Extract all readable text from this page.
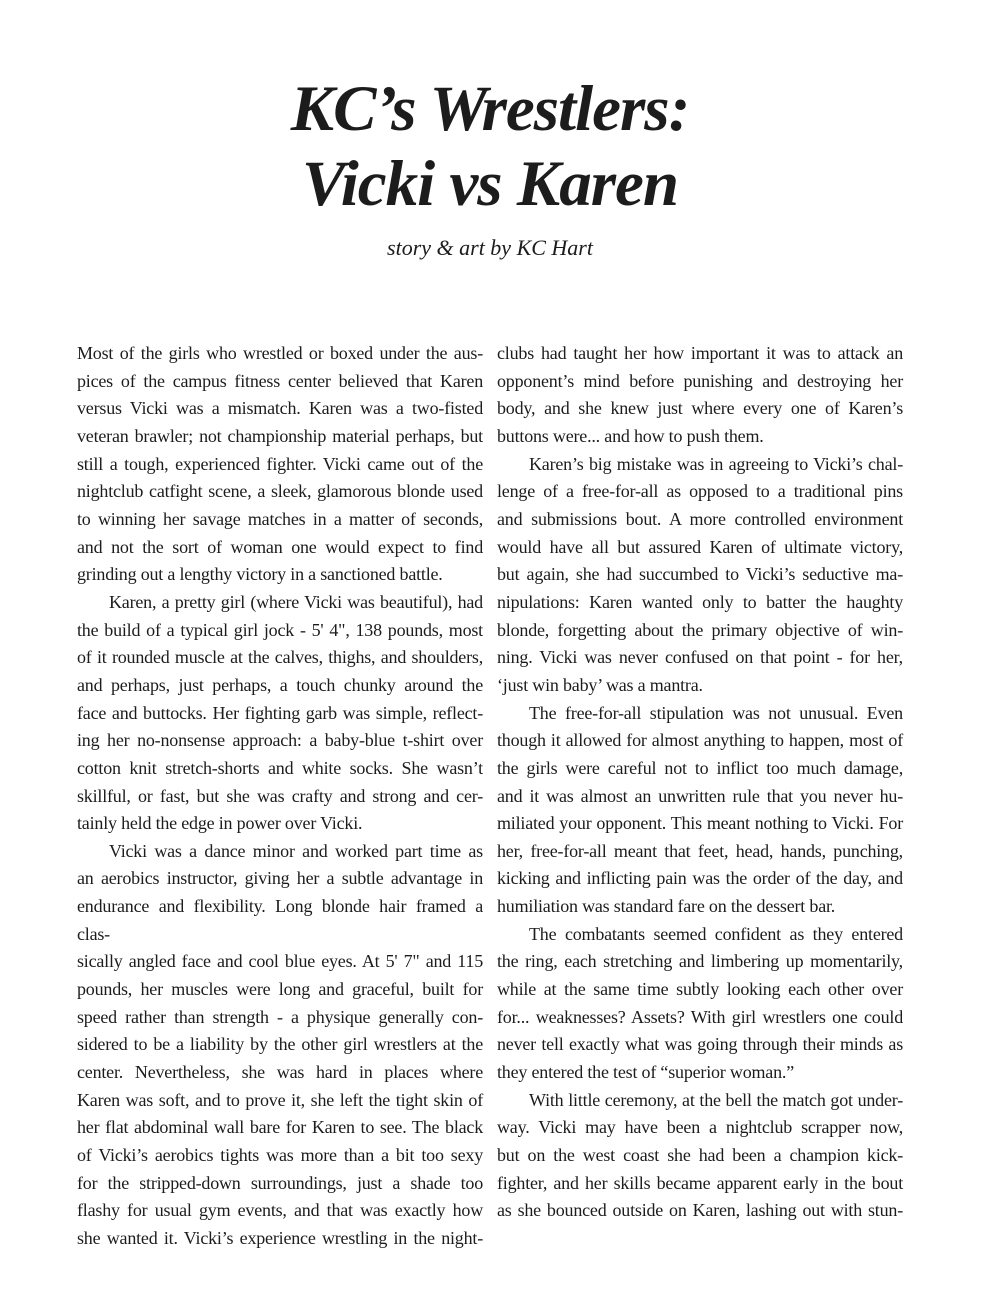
KC’s Wrestlers:
Vicki vs Karen
story & art by KC Hart
Most of the girls who wrestled or boxed under the aus-
pices of the campus fitness center believed that Karen
versus Vicki was a mismatch. Karen was a two-fisted
veteran brawler; not championship material perhaps, but
still a tough, experienced fighter. Vicki came out of the
nightclub catfight scene, a sleek, glamorous blonde used
to winning her savage matches in a matter of seconds,
and not the sort of woman one would expect to find
grinding out a lengthy victory in a sanctioned battle.
Karen, a pretty girl (where Vicki was beautiful), had
the build of a typical girl jock - 5' 4", 138 pounds, most
of it rounded muscle at the calves, thighs, and shoulders,
and perhaps, just perhaps, a touch chunky around the
face and buttocks. Her fighting garb was simple, reflect-
ing her no-nonsense approach: a baby-blue t-shirt over
cotton knit stretch-shorts and white socks. She wasn’t
skillful, or fast, but she was crafty and strong and cer-
tainly held the edge in power over Vicki.
Vicki was a dance minor and worked part time as
an aerobics instructor, giving her a subtle advantage in
endurance and flexibility. Long blonde hair framed a clas-
sically angled face and cool blue eyes. At 5' 7" and 115
pounds, her muscles were long and graceful, built for
speed rather than strength - a physique generally con-
sidered to be a liability by the other girl wrestlers at the
center. Nevertheless, she was hard in places where
Karen was soft, and to prove it, she left the tight skin of
her flat abdominal wall bare for Karen to see. The black
of Vicki’s aerobics tights was more than a bit too sexy
for the stripped-down surroundings, just a shade too
flashy for usual gym events, and that was exactly how
she wanted it. Vicki’s experience wrestling in the night-
clubs had taught her how important it was to attack an
opponent’s mind before punishing and destroying her
body, and she knew just where every one of Karen’s
buttons were... and how to push them.
Karen’s big mistake was in agreeing to Vicki’s chal-
lenge of a free-for-all as opposed to a traditional pins
and submissions bout. A more controlled environment
would have all but assured Karen of ultimate victory,
but again, she had succumbed to Vicki’s seductive ma-
nipulations: Karen wanted only to batter the haughty
blonde, forgetting about the primary objective of win-
ning. Vicki was never confused on that point - for her,
‘just win baby’ was a mantra.
The free-for-all stipulation was not unusual. Even
though it allowed for almost anything to happen, most of
the girls were careful not to inflict too much damage,
and it was almost an unwritten rule that you never hu-
miliated your opponent. This meant nothing to Vicki. For
her, free-for-all meant that feet, head, hands, punching,
kicking and inflicting pain was the order of the day, and
humiliation was standard fare on the dessert bar.
The combatants seemed confident as they entered
the ring, each stretching and limbering up momentarily,
while at the same time subtly looking each other over
for... weaknesses? Assets? With girl wrestlers one could
never tell exactly what was going through their minds as
they entered the test of “superior woman.”
With little ceremony, at the bell the match got under-
way. Vicki may have been a nightclub scrapper now,
but on the west coast she had been a champion kick-
fighter, and her skills became apparent early in the bout
as she bounced outside on Karen, lashing out with stun-
